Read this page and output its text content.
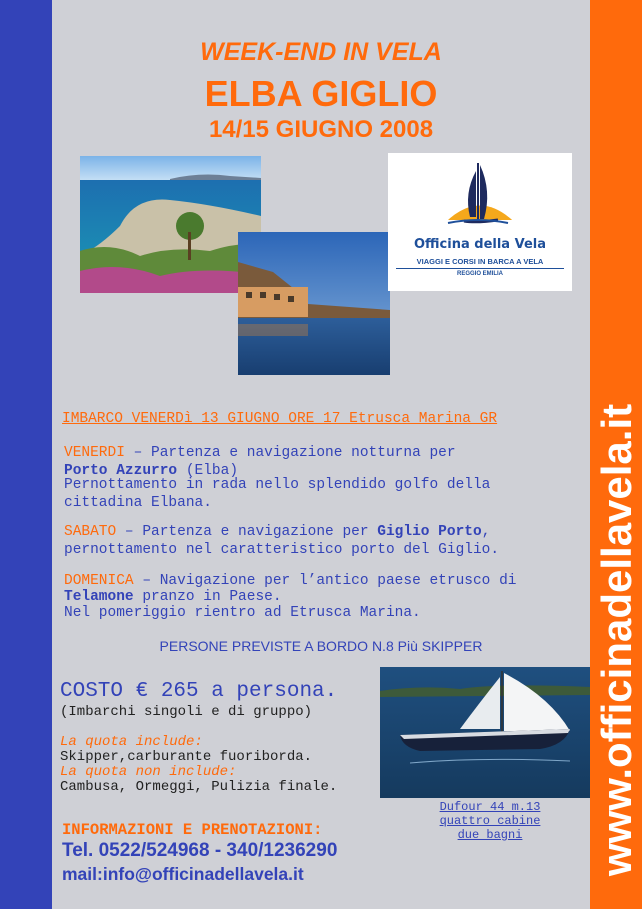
www.officinadellavela.it
WEEK-END IN VELA
ELBA GIGLIO
14/15 GIUGNO 2008
Officina della Vela
VIAGGI E CORSI IN BARCA A VELA
REGGIO EMILIA
IMBARCO VENERDì 13 GIUGNO ORE 17 Etrusca Marina GR
VENERDI – Partenza e navigazione notturna per
Porto Azzurro (Elba)
Pernottamento in rada nello splendido golfo della
cittadina Elbana.
SABATO – Partenza e navigazione per Giglio Porto,
pernottamento nel caratteristico porto del Giglio.
DOMENICA – Navigazione per l’antico paese etrusco di
Telamone pranzo in Paese.
Nel pomeriggio rientro ad Etrusca Marina.
PERSONE PREVISTE A BORDO N.8 Più SKIPPER
COSTO € 265 a persona.
(Imbarchi singoli e di gruppo)
La quota include:
Skipper,carburante fuoriborda.
La quota non include:
Cambusa, Ormeggi, Pulizia finale.
Dufour 44 m.13
quattro cabine
due bagni
INFORMAZIONI E PRENOTAZIONI:
Tel. 0522/524968 - 340/1236290
mail:info@officinadellavela.it
